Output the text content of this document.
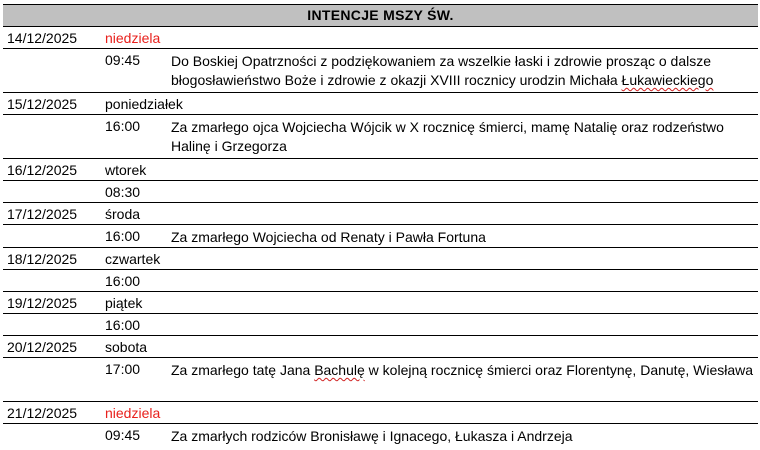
INTENCJE MSZY ŚW.
14/12/2025 niedziela
09:45 Do Boskiej Opatrzności z podziękowaniem za wszelkie łaski i zdrowie prosząc o dalsze błogosławieństwo Boże i zdrowie z okazji XVIII rocznicy urodzin Michała Łukawieckiego
15/12/2025 poniedziałek
16:00 Za zmarłego ojca Wojciecha Wójcik w X rocznicę śmierci, mamę Natalię oraz rodzeństwo Halinę i Grzegorza
16/12/2025 wtorek
08:30
17/12/2025 środa
16:00 Za zmarłego Wojciecha od Renaty i Pawła Fortuna
18/12/2025 czwartek
16:00
19/12/2025 piątek
16:00
20/12/2025 sobota
17:00 Za zmarłego tatę Jana Bachulę w kolejną rocznicę śmierci oraz Florentynę, Danutę, Wiesława
21/12/2025 niedziela
09:45 Za zmarłych rodziców Bronisławę i Ignacego, Łukasza i Andrzeja
